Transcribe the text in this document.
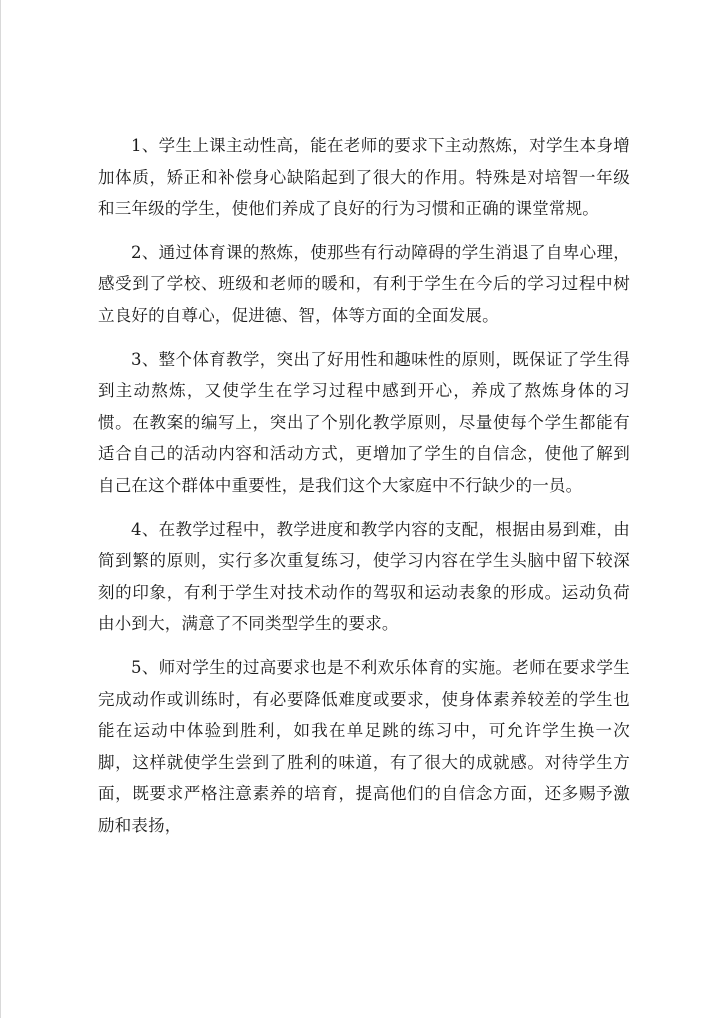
1、学生上课主动性高，能在老师的要求下主动熬炼，对学生本身增加体质，矫正和补偿身心缺陷起到了很大的作用。特殊是对培智一年级和三年级的学生，使他们养成了良好的行为习惯和正确的课堂常规。

2、通过体育课的熬炼，使那些有行动障碍的学生消退了自卑心理，感受到了学校、班级和老师的暖和，有利于学生在今后的学习过程中树立良好的自尊心，促进德、智，体等方面的全面发展。

3、整个体育教学，突出了好用性和趣味性的原则，既保证了学生得到主动熬炼，又使学生在学习过程中感到开心，养成了熬炼身体的习惯。在教案的编写上，突出了个别化教学原则，尽量使每个学生都能有适合自己的活动内容和活动方式，更增加了学生的自信念，使他了解到自己在这个群体中重要性，是我们这个大家庭中不行缺少的一员。

4、在教学过程中，教学进度和教学内容的支配，根据由易到难，由简到繁的原则，实行多次重复练习，使学习内容在学生头脑中留下较深刻的印象，有利于学生对技术动作的驾驭和运动表象的形成。运动负荷由小到大，满意了不同类型学生的要求。

5、师对学生的过高要求也是不利欢乐体育的实施。老师在要求学生完成动作或训练时，有必要降低难度或要求，使身体素养较差的学生也能在运动中体验到胜利，如我在单足跳的练习中，可允许学生换一次脚，这样就使学生尝到了胜利的味道，有了很大的成就感。对待学生方面，既要求严格注意素养的培育，提高他们的自信念方面，还多赐予激励和表扬，
